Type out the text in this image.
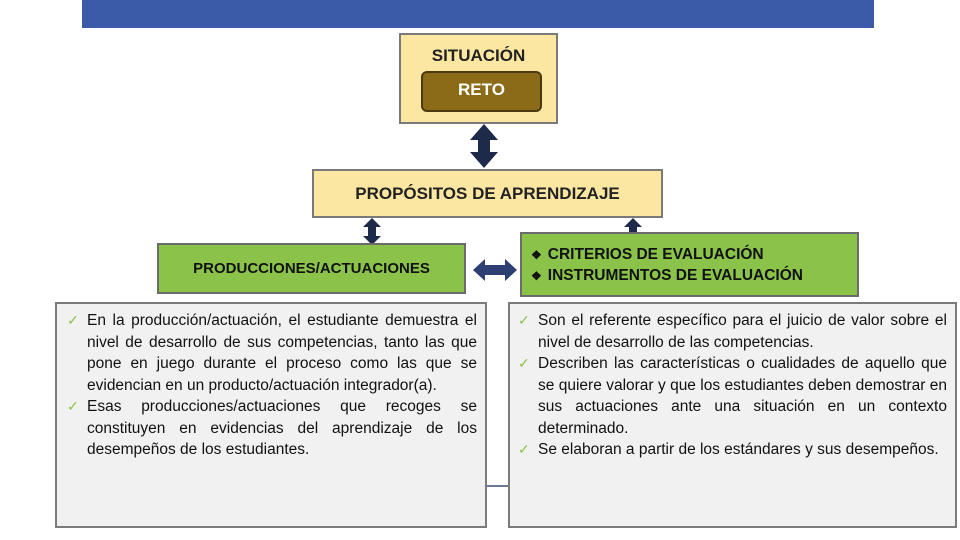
SITUACIÓN
RETO
PROPÓSITOS DE APRENDIZAJE
PRODUCCIONES/ACTUACIONES
❖ CRITERIOS DE EVALUACIÓN
❖ INSTRUMENTOS DE EVALUACIÓN
✓ En la producción/actuación, el estudiante demuestra el nivel de desarrollo de sus competencias, tanto las que pone en juego durante el proceso como las que se evidencian en un producto/actuación integrador(a).
✓ Esas producciones/actuaciones que recoges se constituyen en evidencias del aprendizaje de los desempeños de los estudiantes.
✓ Son el referente específico para el juicio de valor sobre el nivel de desarrollo de las competencias.
✓ Describen las características o cualidades de aquello que se quiere valorar y que los estudiantes deben demostrar en sus actuaciones ante una situación en un contexto determinado.
✓ Se elaboran a partir de los estándares y sus desempeños.
